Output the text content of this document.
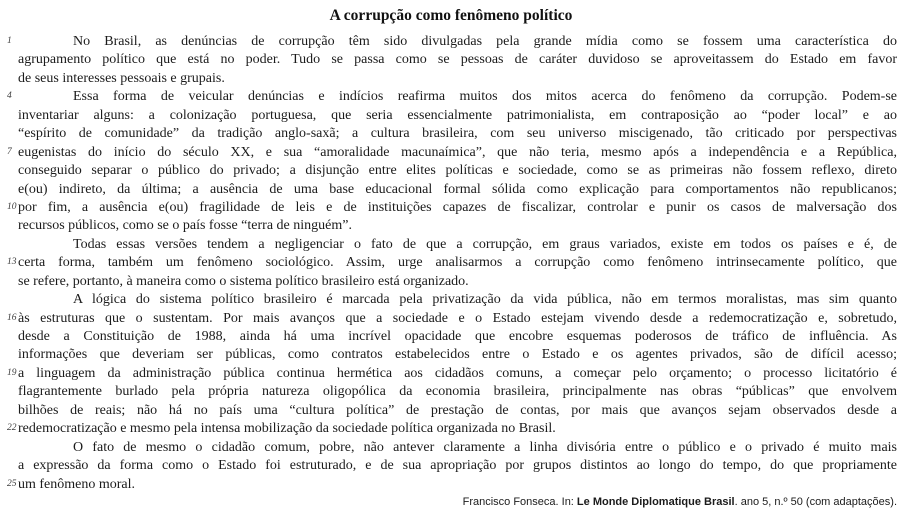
A corrupção como fenômeno político
1	No Brasil, as denúncias de corrupção têm sido divulgadas pela grande mídia como se fossem uma característica do
agrupamento político que está no poder. Tudo se passa como se pessoas de caráter duvidoso se aproveitassem do Estado em favor
de seus interesses pessoais e grupais.
4	Essa forma de veicular denúncias e indícios reafirma muitos dos mitos acerca do fenômeno da corrupção. Podem-se
inventariar alguns: a colonização portuguesa, que seria essencialmente patrimonialista, em contraposição ao “poder local” e ao
“espírito de comunidade” da tradição anglo-saxã; a cultura brasileira, com seu universo miscigenado, tão criticado por perspectivas
7 eugenistas do início do século XX, e sua “amoralidade macunaímica”, que não teria, mesmo após a independência e a República,
conseguido separar o público do privado; a disjunção entre elites políticas e sociedade, como se as primeiras não fossem reflexo, direto
e(ou) indireto, da última; a ausência de uma base educacional formal sólida como explicação para comportamentos não republicanos;
10 por fim, a ausência e(ou) fragilidade de leis e de instituições capazes de fiscalizar, controlar e punir os casos de malversação dos
recursos públicos, como se o país fosse “terra de ninguém”.
Todas essas versões tendem a negligenciar o fato de que a corrupção, em graus variados, existe em todos os países e é, de
13 certa forma, também um fenômeno sociológico. Assim, urge analisarmos a corrupção como fenômeno intrinsecamente político, que
se refere, portanto, à maneira como o sistema político brasileiro está organizado.
A lógica do sistema político brasileiro é marcada pela privatização da vida pública, não em termos moralistas, mas sim quanto
16 às estruturas que o sustentam. Por mais avanços que a sociedade e o Estado estejam vivendo desde a redemocratização e, sobretudo,
desde a Constituição de 1988, ainda há uma incrível opacidade que encobre esquemas poderosos de tráfico de influência. As
informações que deveriam ser públicas, como contratos estabelecidos entre o Estado e os agentes privados, são de difícil acesso;
19 a linguagem da administração pública continua hermética aos cidadãos comuns, a começar pelo orçamento; o processo licitatório é
flagrantemente burlado pela própria natureza oligopólica da economia brasileira, principalmente nas obras “públicas” que envolvem
bilhões de reais; não há no país uma “cultura política” de prestação de contas, por mais que avanços sejam observados desde a
22 redemocratização e mesmo pela intensa mobilização da sociedade política organizada no Brasil.
O fato de mesmo o cidadão comum, pobre, não antever claramente a linha divisória entre o público e o privado é muito mais
a expressão da forma como o Estado foi estruturado, e de sua apropriação por grupos distintos ao longo do tempo, do que propriamente
25 um fenômeno moral.
Francisco Fonseca. In: Le Monde Diplomatique Brasil. ano 5, n.º 50 (com adaptações).
